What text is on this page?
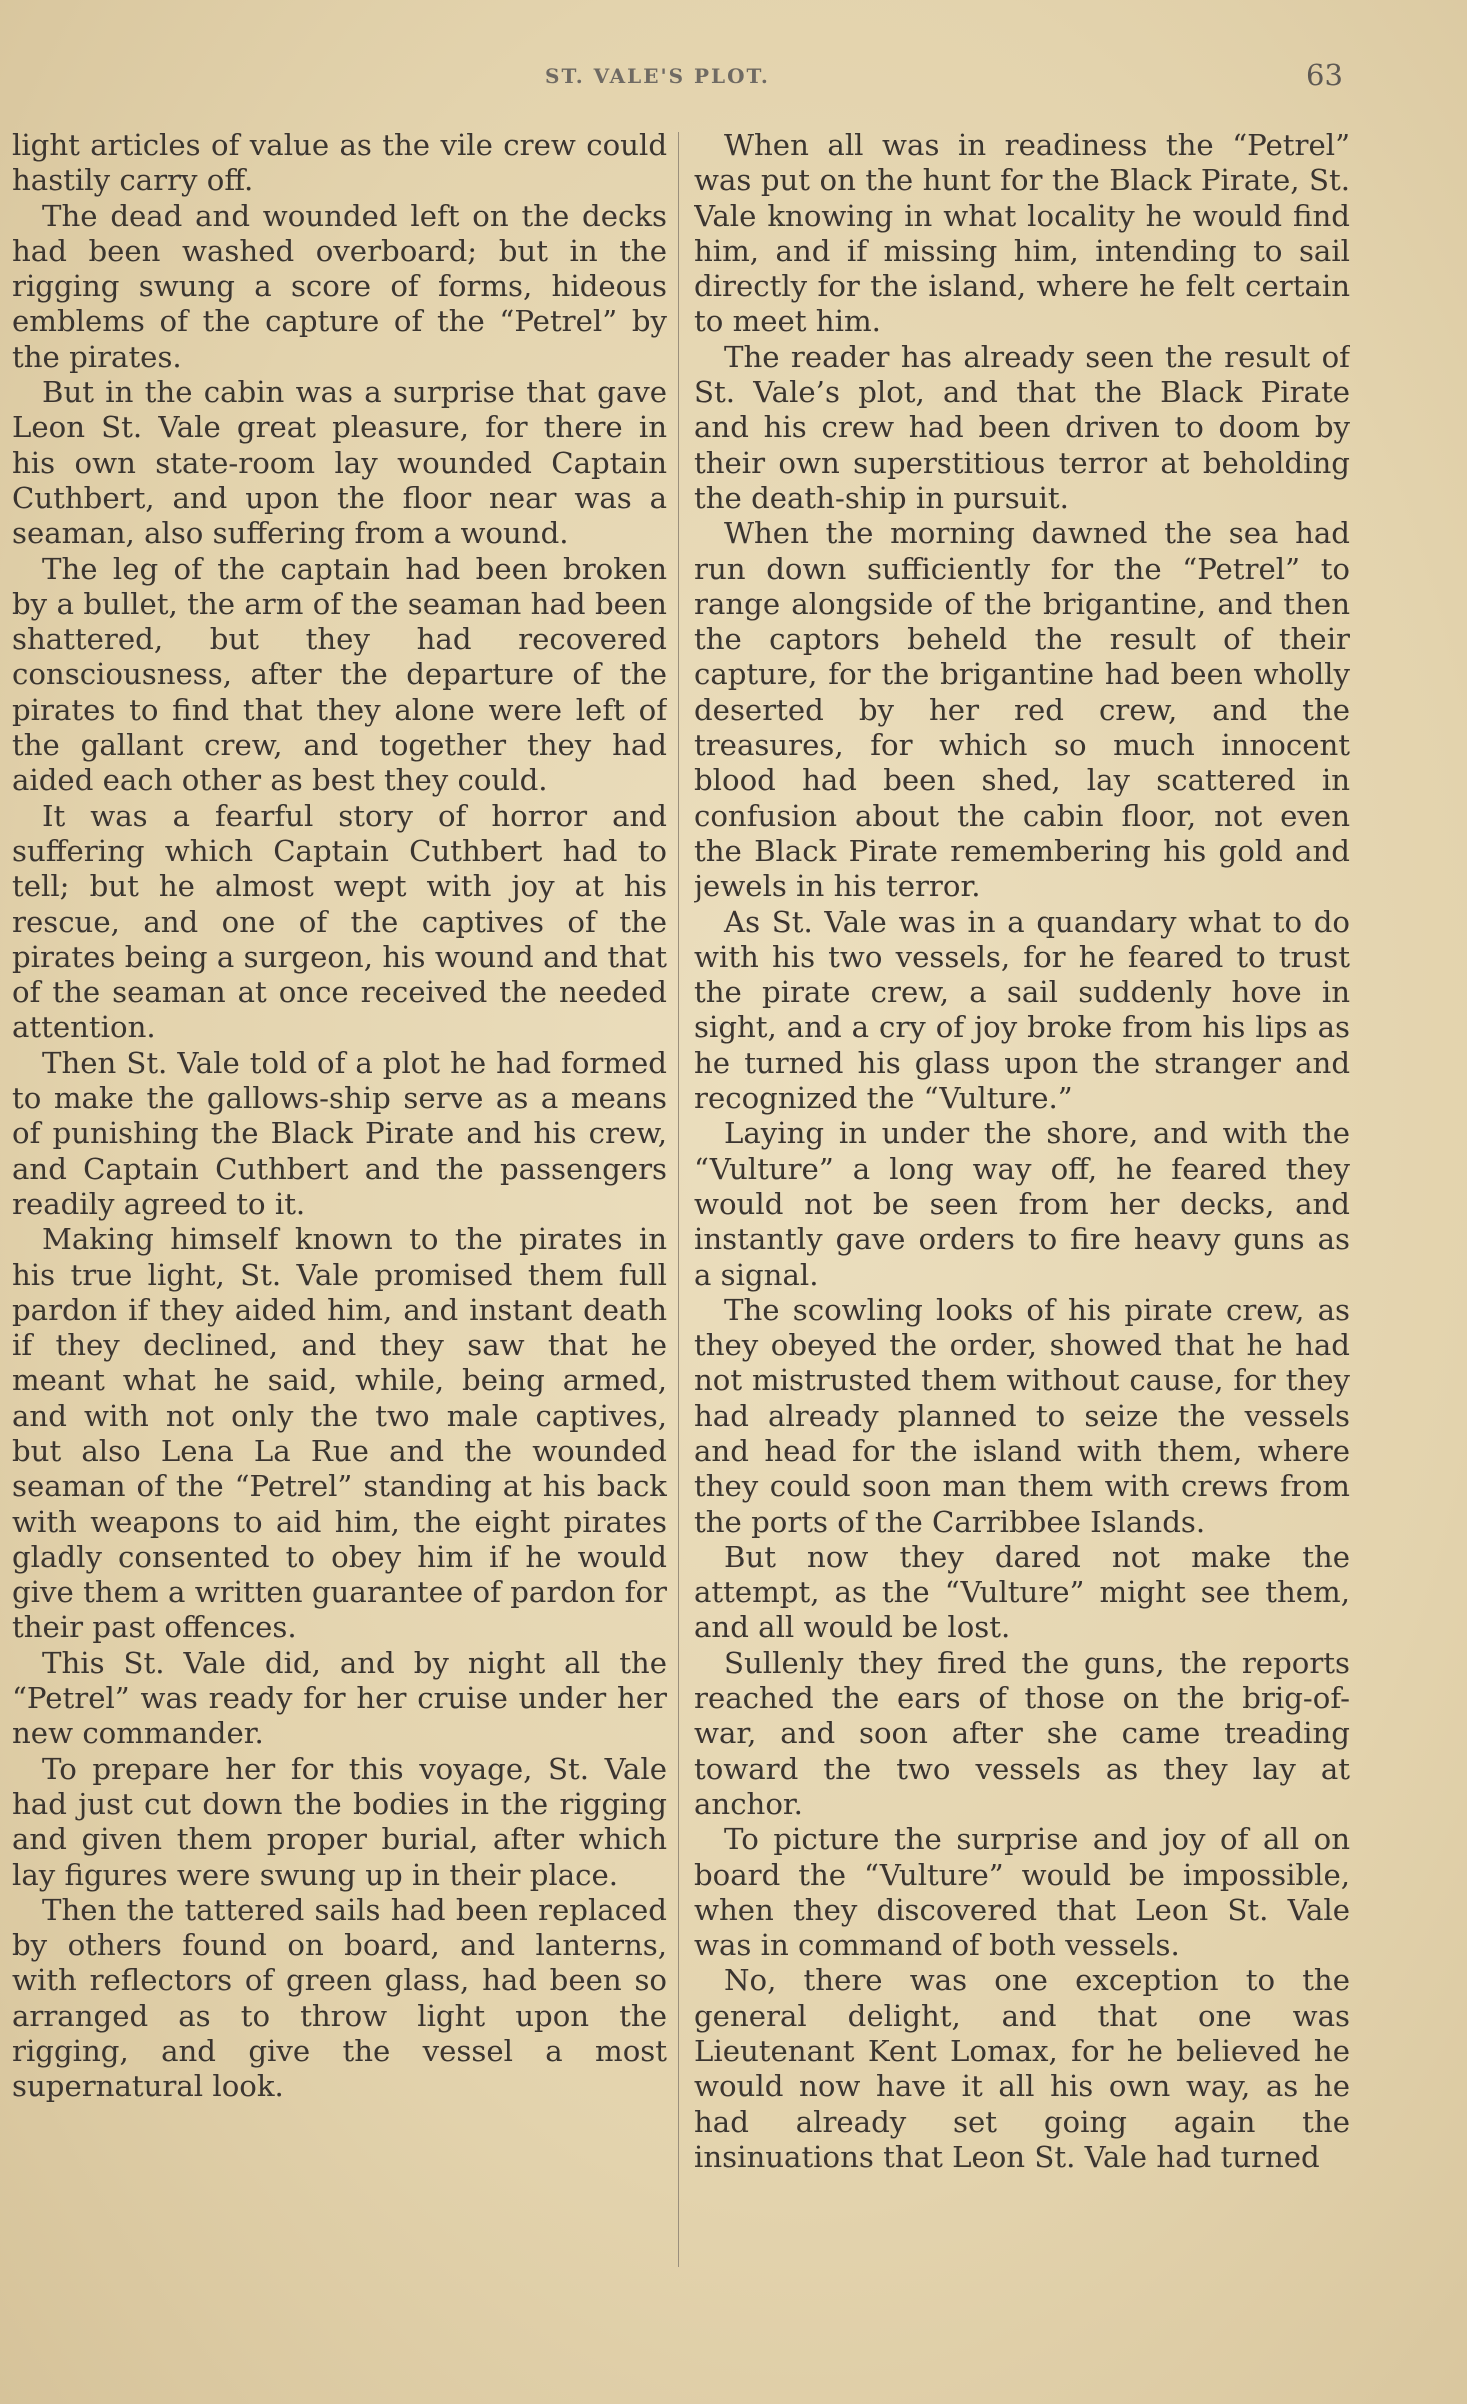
ST. VALE'S PLOT.	63

light articles of value as the vile crew could hastily carry off.

The dead and wounded left on the decks had been washed overboard; but in the rigging swung a score of forms, hideous emblems of the capture of the “Petrel” by the pirates.

But in the cabin was a surprise that gave Leon St. Vale great pleasure, for there in his own state-room lay wounded Captain Cuthbert, and upon the floor near was a seaman, also suffering from a wound.

The leg of the captain had been broken by a bullet, the arm of the seaman had been shattered, but they had recovered consciousness, after the departure of the pirates to find that they alone were left of the gallant crew, and together they had aided each other as best they could.

It was a fearful story of horror and suffering which Captain Cuthbert had to tell; but he almost wept with joy at his rescue, and one of the captives of the pirates being a surgeon, his wound and that of the seaman at once received the needed attention.

Then St. Vale told of a plot he had formed to make the gallows-ship serve as a means of punishing the Black Pirate and his crew, and Captain Cuthbert and the passengers readily agreed to it.

Making himself known to the pirates in his true light, St. Vale promised them full pardon if they aided him, and instant death if they declined, and they saw that he meant what he said, while, being armed, and with not only the two male captives, but also Lena La Rue and the wounded seaman of the “Petrel” standing at his back with weapons to aid him, the eight pirates gladly consented to obey him if he would give them a written guarantee of pardon for their past offences.

This St. Vale did, and by night all the “Petrel” was ready for her cruise under her new commander.

To prepare her for this voyage, St. Vale had just cut down the bodies in the rigging and given them proper burial, after which lay figures were swung up in their place.

Then the tattered sails had been replaced by others found on board, and lanterns, with reflectors of green glass, had been so arranged as to throw light upon the rigging, and give the vessel a most supernatural look.

When all was in readiness the “Petrel” was put on the hunt for the Black Pirate, St. Vale knowing in what locality he would find him, and if missing him, intending to sail directly for the island, where he felt certain to meet him.

The reader has already seen the result of St. Vale’s plot, and that the Black Pirate and his crew had been driven to doom by their own superstitious terror at beholding the death-ship in pursuit.

When the morning dawned the sea had run down sufficiently for the “Petrel” to range alongside of the brigantine, and then the captors beheld the result of their capture, for the brigantine had been wholly deserted by her red crew, and the treasures, for which so much innocent blood had been shed, lay scattered in confusion about the cabin floor, not even the Black Pirate remembering his gold and jewels in his terror.

As St. Vale was in a quandary what to do with his two vessels, for he feared to trust the pirate crew, a sail suddenly hove in sight, and a cry of joy broke from his lips as he turned his glass upon the stranger and recognized the “Vulture.”

Laying in under the shore, and with the “Vulture” a long way off, he feared they would not be seen from her decks, and instantly gave orders to fire heavy guns as a signal.

The scowling looks of his pirate crew, as they obeyed the order, showed that he had not mistrusted them without cause, for they had already planned to seize the vessels and head for the island with them, where they could soon man them with crews from the ports of the Carribbee Islands.

But now they dared not make the attempt, as the “Vulture” might see them, and all would be lost.

Sullenly they fired the guns, the reports reached the ears of those on the brig-of-war, and soon after she came treading toward the two vessels as they lay at anchor.

To picture the surprise and joy of all on board the “Vulture” would be impossible, when they discovered that Leon St. Vale was in command of both vessels.

No, there was one exception to the general delight, and that one was Lieutenant Kent Lomax, for he believed he would now have it all his own way, as he had already set going again the insinuations that Leon St. Vale had turned
